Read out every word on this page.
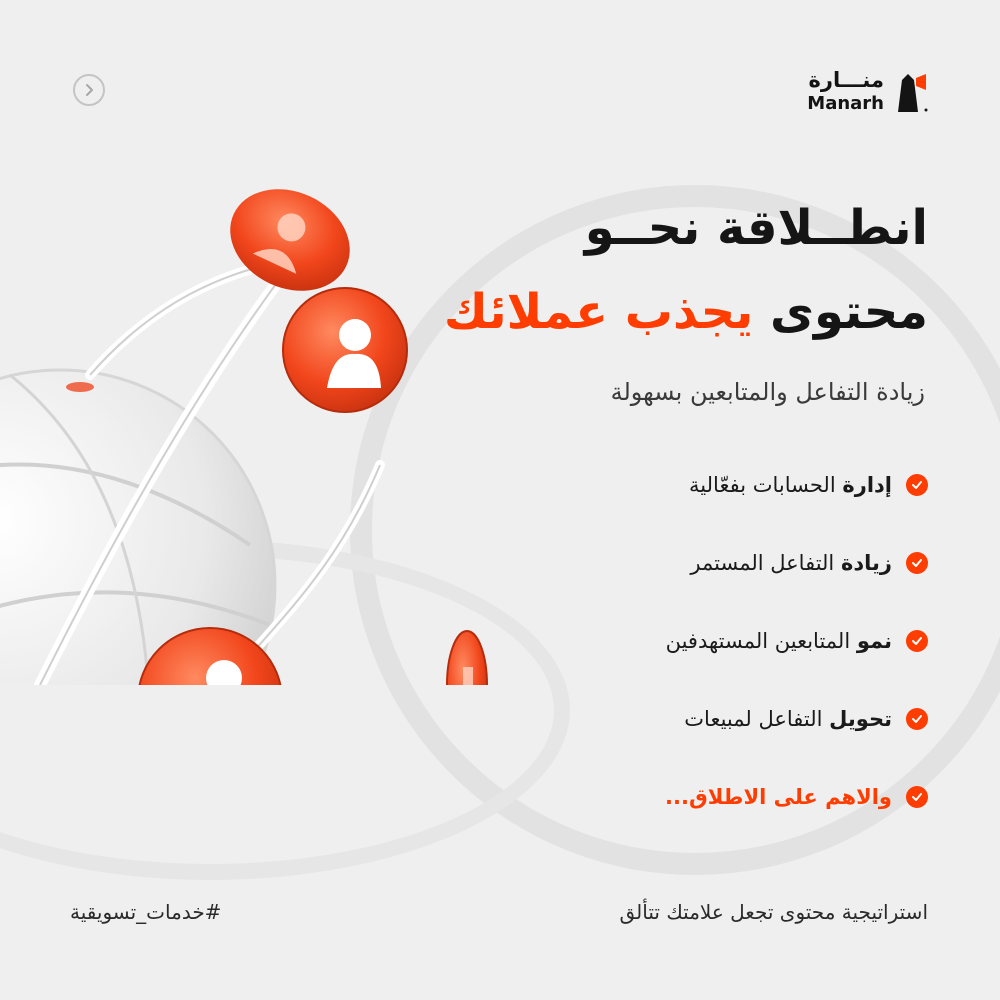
منـــارة
Manarh
انطــلاقة نحــو
محتوى يجذب عملائك

زيادة التفاعل والمتابعين بسهولة

إدارة الحسابات بفعّالية
زيادة التفاعل المستمر
نمو المتابعين المستهدفين
تحويل التفاعل لمبيعات
والاهم على الاطلاق...

استراتيجية محتوى تجعل علامتك تتألق

#خدمات_تسويقية
